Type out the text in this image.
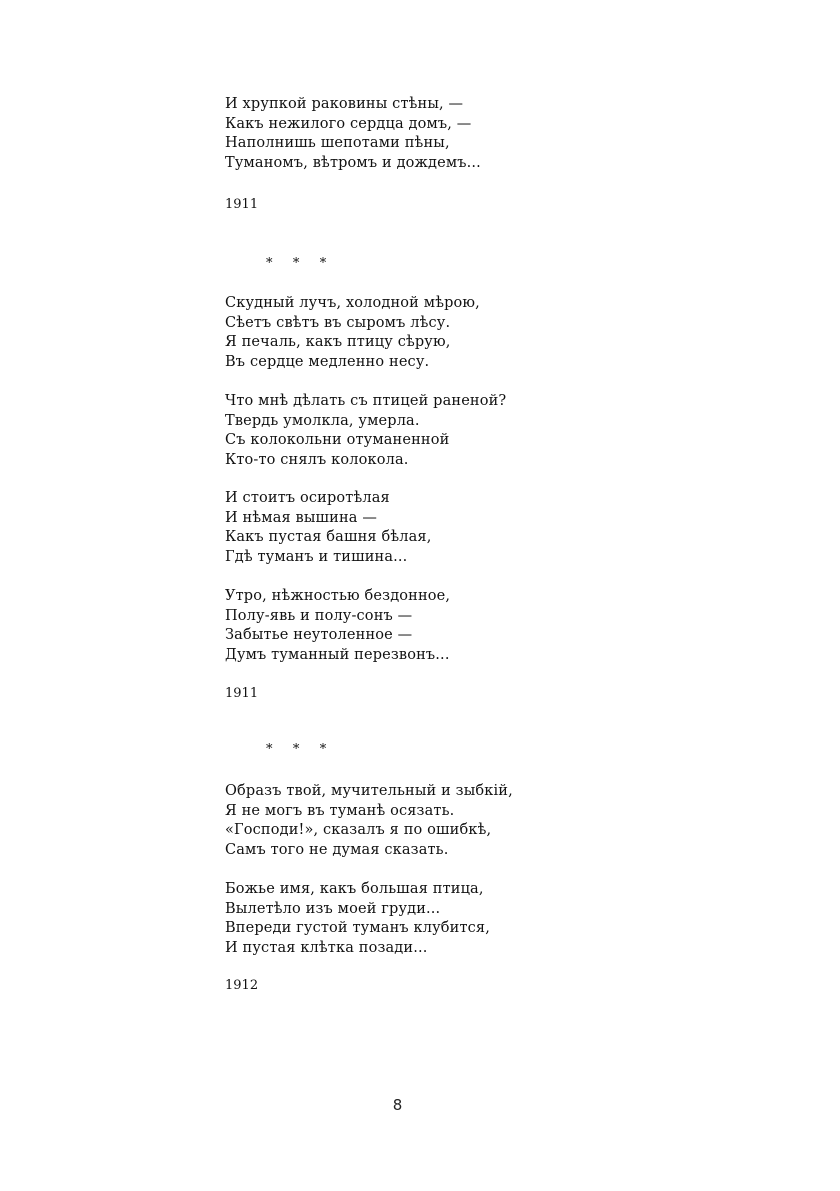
И хрупкой раковины стѣны, —
Какъ нежилого сердца домъ, —
Наполнишь шепотами пѣны,
Туманомъ, вѣтромъ и дождемъ...
1911
*   *   *
Скудный лучъ, холодной мѣрою,
Сѣетъ свѣтъ въ сыромъ лѣсу.
Я печаль, какъ птицу сѣрую,
Въ сердце медленно несу.
Что мнѣ дѣлать съ птицей раненой?
Твердь умолкла, умерла.
Съ колокольни отуманенной
Кто-то снялъ колокола.
И стоитъ осиротѣлая
И нѣмая вышина —
Какъ пустая башня бѣлая,
Гдѣ туманъ и тишина...
Утро, нѣжностью бездонное,
Полу-явь и полу-сонъ —
Забытье неутоленное —
Думъ туманный перезвонъ...
1911
*   *   *
Образъ твой, мучительный и зыбкій,
Я не могъ въ туманѣ осязать.
«Господи!», сказалъ я по ошибкѣ,
Самъ того не думая сказать.
Божье имя, какъ большая птица,
Вылетѣло изъ моей груди...
Впереди густой туманъ клубится,
И пустая клѣтка позади...
1912
8
